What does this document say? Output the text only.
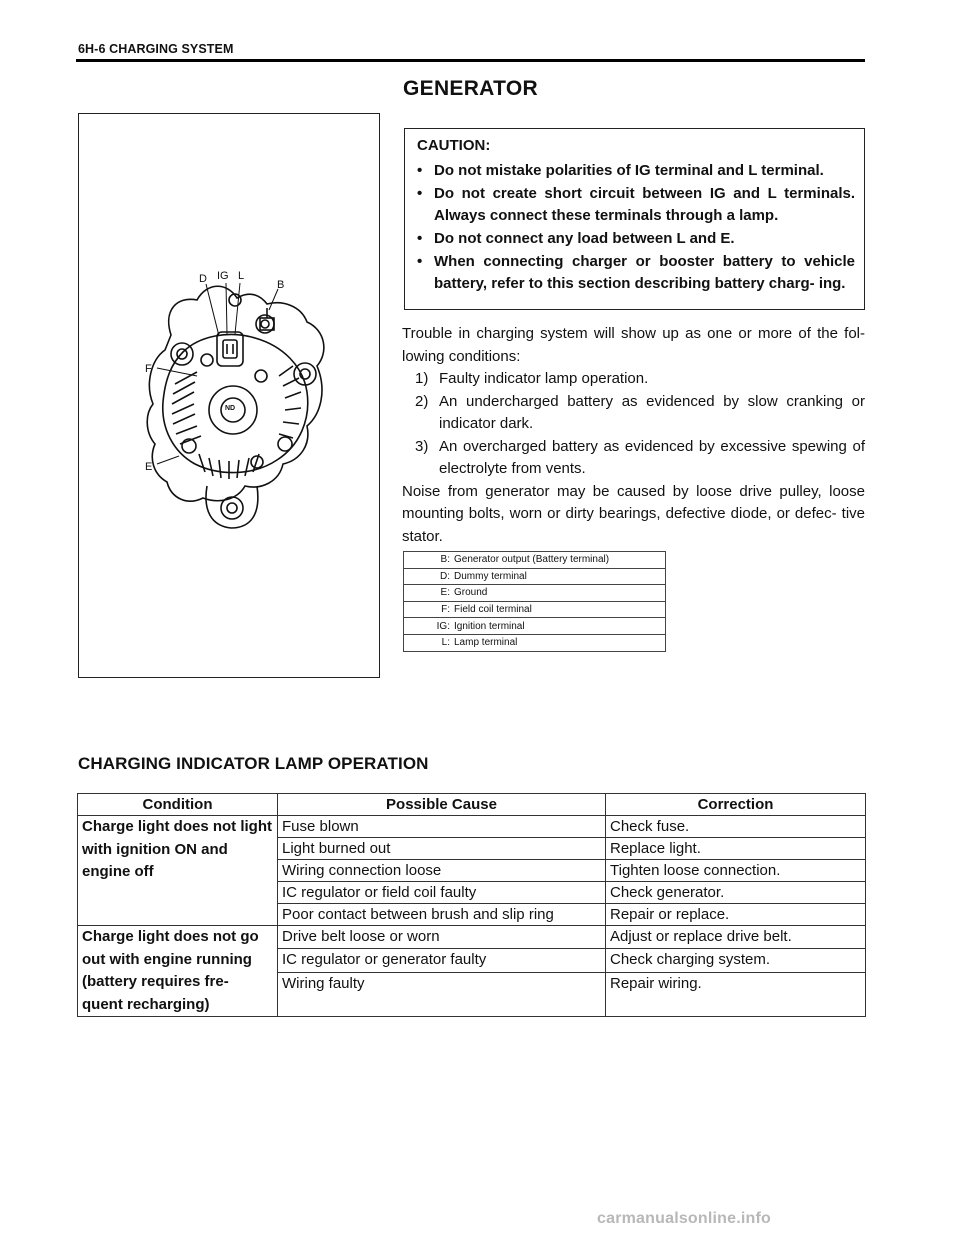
6H-6 CHARGING SYSTEM
GENERATOR
D IG L
B
F
E
ND
CAUTION:
• Do not mistake polarities of IG terminal and L terminal.
• Do not create short circuit between IG and L terminals. Always connect these terminals through a lamp.
• Do not connect any load between L and E.
• When connecting charger or booster battery to vehicle battery, refer to this section describing battery charg- ing.

Trouble in charging system will show up as one or more of the fol- lowing conditions:

1) Faulty indicator lamp operation.
2) An undercharged battery as evidenced by slow cranking or indicator dark.
3) An overcharged battery as evidenced by excessive spewing of electrolyte from vents.

Noise from generator may be caused by loose drive pulley, loose mounting bolts, worn or dirty bearings, defective diode, or defec- tive stator.

B:	Generator output (Battery terminal)
D:	Dummy terminal
E:	Ground
F:	Field coil terminal
IG:	Ignition terminal
L:	Lamp terminal
CHARGING INDICATOR LAMP OPERATION
Condition	Possible Cause	Correction
Charge light does not light with ignition ON and engine off	Fuse blown	Check fuse.
	Light burned out	Replace light.
	Wiring connection loose	Tighten loose connection.
	IC regulator or field coil faulty	Check generator.
	Poor contact between brush and slip ring	Repair or replace.
Charge light does not go out with engine running (battery requires fre- quent recharging)	Drive belt loose or worn	Adjust or replace drive belt.
	IC regulator or generator faulty	Check charging system.
	Wiring faulty	Repair wiring.
carmanualsonline.info
